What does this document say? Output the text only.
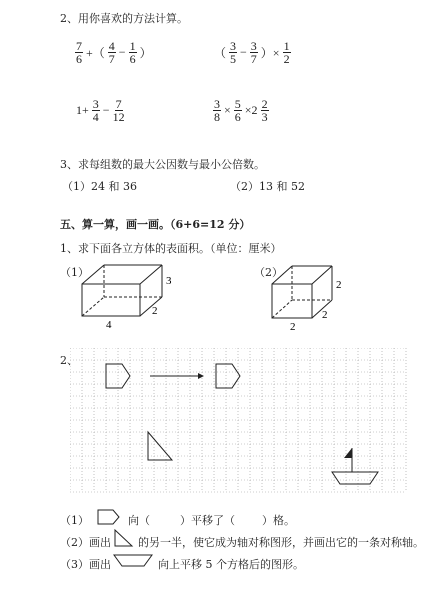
2、用你喜欢的方法计算。
$\frac{7}{6}$ +（ $\frac{4}{7} - \frac{1}{6}$ ）	（ $\frac{3}{5} - \frac{3}{7}$ ）× $\frac{1}{2}$
$1+ \frac{3}{4} - \frac{7}{12}$	$\frac{3}{8} \times \frac{5}{6} \times 2 \frac{2}{3}$
3、求每组数的最大公因数与最小公倍数。
（1）24 和 36	（2）13 和 52
五、算一算，画一画。（6+6=12 分）
1、求下面各立方体的表面积。（单位：厘米）
（1）	（2）
3
2
4
2
2
2
2、
（1）	向（	）平移了（ ）格。
（2）画出 的另一半，使它成为轴对称图形，并画出它的一条对称轴。
（3）画出	向上平移 5 个方格后的图形。
